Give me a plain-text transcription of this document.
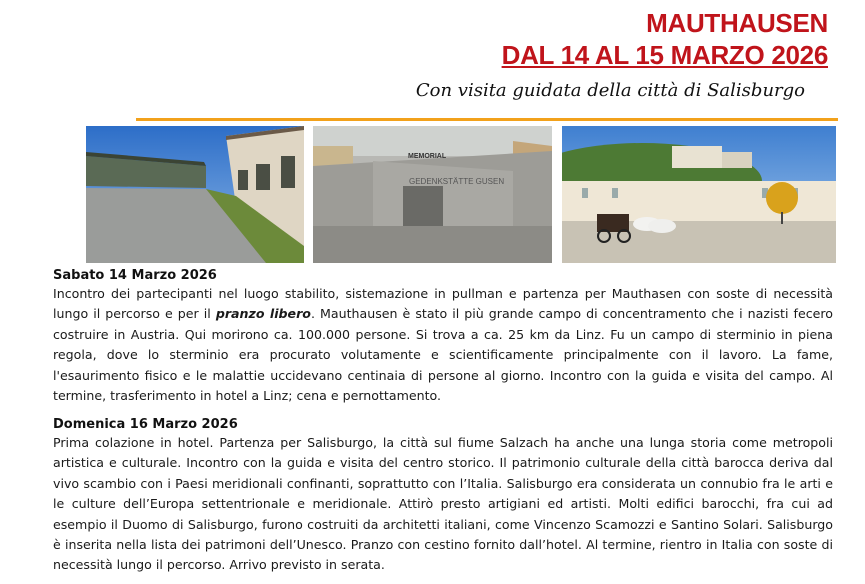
MAUTHAUSEN
DAL 14 AL 15 MARZO 2026
Con visita guidata della città di Salisburgo
MEMORIAL
GEDENKSTÄTTE GUSEN
Sabato 14 Marzo 2026
Incontro dei partecipanti nel luogo stabilito, sistemazione in pullman e partenza per Mauthasen con soste di necessità lungo il percorso e per il pranzo libero. Mauthausen è stato il più grande campo di concentramento che i nazisti fecero costruire in Austria. Qui morirono ca. 100.000 persone. Si trova a ca. 25 km da Linz. Fu un campo di sterminio in piena regola, dove lo sterminio era procurato volutamente e scientificamente principalmente con il lavoro. La fame, l'esaurimento fisico e le malattie uccidevano centinaia di persone al giorno. Incontro con la guida e visita del campo. Al termine, trasferimento in hotel a Linz; cena e pernottamento.
Domenica 16 Marzo 2026
Prima colazione in hotel. Partenza per Salisburgo, la città sul fiume Salzach ha anche una lunga storia come metropoli artistica e culturale. Incontro con la guida e visita del centro storico. Il patrimonio culturale della città barocca deriva dal vivo scambio con i Paesi meridionali confinanti, soprattutto con l’Italia. Salisburgo era considerata un connubio fra le arti e le culture dell’Europa settentrionale e meridionale. Attirò presto artigiani ed artisti. Molti edifici barocchi, fra cui ad esempio il Duomo di Salisburgo, furono costruiti da architetti italiani, come Vincenzo Scamozzi e Santino Solari. Salisburgo è inserita nella lista dei patrimoni dell’Unesco. Pranzo con cestino fornito dall’hotel. Al termine, rientro in Italia con soste di necessità lungo il percorso. Arrivo previsto in serata.
